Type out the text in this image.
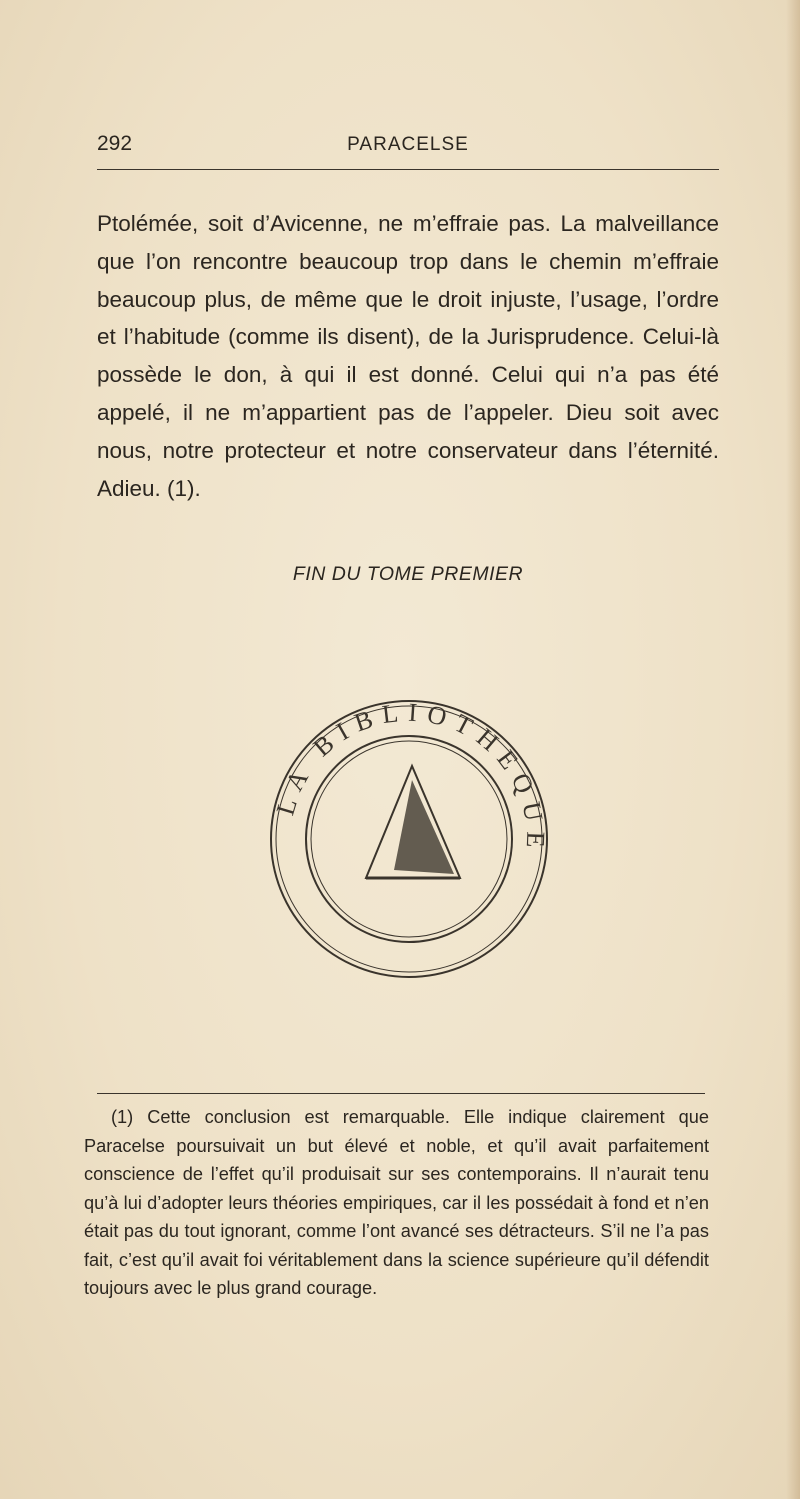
292	PARACELSE

Ptolémée, soit d’Avicenne, ne m’effraie pas. La malveillance que l’on rencontre beaucoup trop dans le chemin m’effraie beaucoup plus, de même que le droit injuste, l’usage, l’ordre et l’habitude (comme ils disent), de la Jurisprudence. Celui-là possède le don, à qui il est donné. Celui qui n’a pas été appelé, il ne m’appartient pas de l’appeler. Dieu soit avec nous, notre protecteur et notre conservateur dans l’éternité. Adieu. (1).

FIN DU TOME PREMIER
LA BIBLIOTHEQUE

(1) Cette conclusion est remarquable. Elle indique clairement que Paracelse poursuivait un but élevé et noble, et qu’il avait parfaitement conscience de l’effet qu’il produisait sur ses contemporains. Il n’aurait tenu qu’à lui d’adopter leurs théories empiriques, car il les possédait à fond et n’en était pas du tout ignorant, comme l’ont avancé ses détracteurs. S’il ne l’a pas fait, c’est qu’il avait foi véritablement dans la science supérieure qu’il défendit toujours avec le plus grand courage.
